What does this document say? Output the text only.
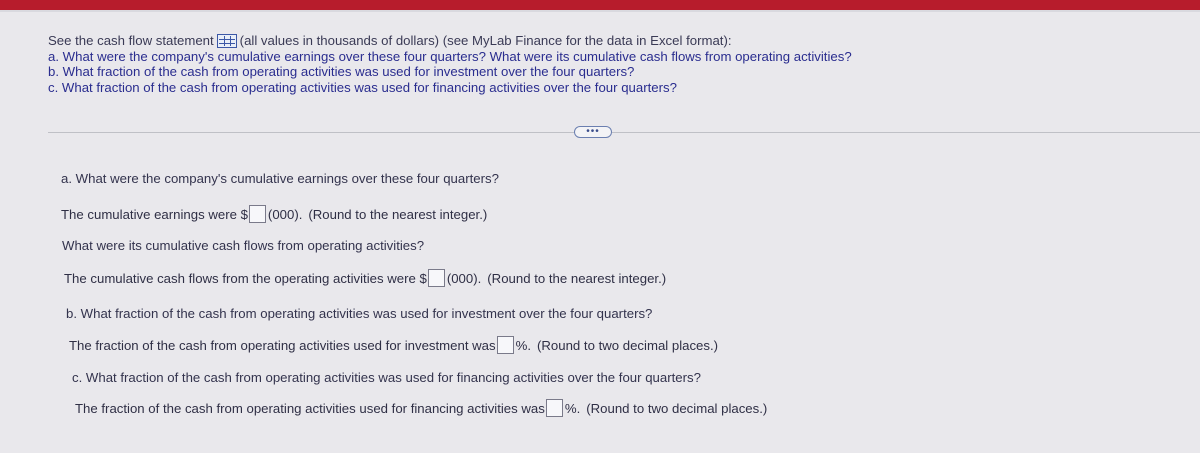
See the cash flow statement (all values in thousands of dollars) (see MyLab Finance for the data in Excel format):
a. What were the company's cumulative earnings over these four quarters? What were its cumulative cash flows from operating activities?
b. What fraction of the cash from operating activities was used for investment over the four quarters?
c. What fraction of the cash from operating activities was used for financing activities over the four quarters?
•••
a. What were the company's cumulative earnings over these four quarters?
The cumulative earnings were $ (000). (Round to the nearest integer.)
What were its cumulative cash flows from operating activities?
The cumulative cash flows from the operating activities were $ (000). (Round to the nearest integer.)
b. What fraction of the cash from operating activities was used for investment over the four quarters?
The fraction of the cash from operating activities used for investment was %. (Round to two decimal places.)
c. What fraction of the cash from operating activities was used for financing activities over the four quarters?
The fraction of the cash from operating activities used for financing activities was %. (Round to two decimal places.)
